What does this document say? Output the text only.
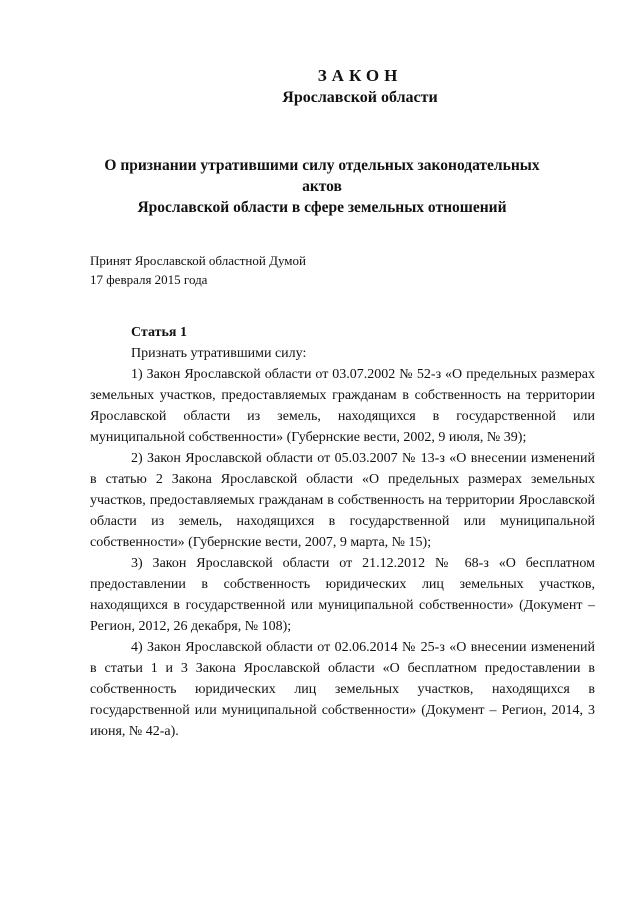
ЗАКОН
Ярославской области
О признании утратившими силу отдельных законодательных актов
Ярославской области в сфере земельных отношений
Принят Ярославской областной Думой
17 февраля 2015 года

Статья 1

Признать утратившими силу:

1) Закон Ярославской области от 03.07.2002 № 52-з «О предельных размерах земельных участков, предоставляемых гражданам в собственность на территории Ярославской области из земель, находящихся в государственной или муниципальной собственности» (Губернские вести, 2002, 9 июля, № 39);

2) Закон Ярославской области от 05.03.2007 № 13-з «О внесении изменений в статью 2 Закона Ярославской области «О предельных размерах земельных участков, предоставляемых гражданам в собственность на территории Ярославской области из земель, находящихся в государственной или муниципальной собственности» (Губернские вести, 2007, 9 марта, № 15);

3) Закон Ярославской области от 21.12.2012 № 68-з «О бесплатном предоставлении в собственность юридических лиц земельных участков, находящихся в государственной или муниципальной собственности» (Документ – Регион, 2012, 26 декабря, № 108);

4) Закон Ярославской области от 02.06.2014 № 25-з «О внесении изменений в статьи 1 и 3 Закона Ярославской области «О бесплатном предоставлении в собственность юридических лиц земельных участков, находящихся в государственной или муниципальной собственности» (Документ – Регион, 2014, 3 июня, № 42-а).
